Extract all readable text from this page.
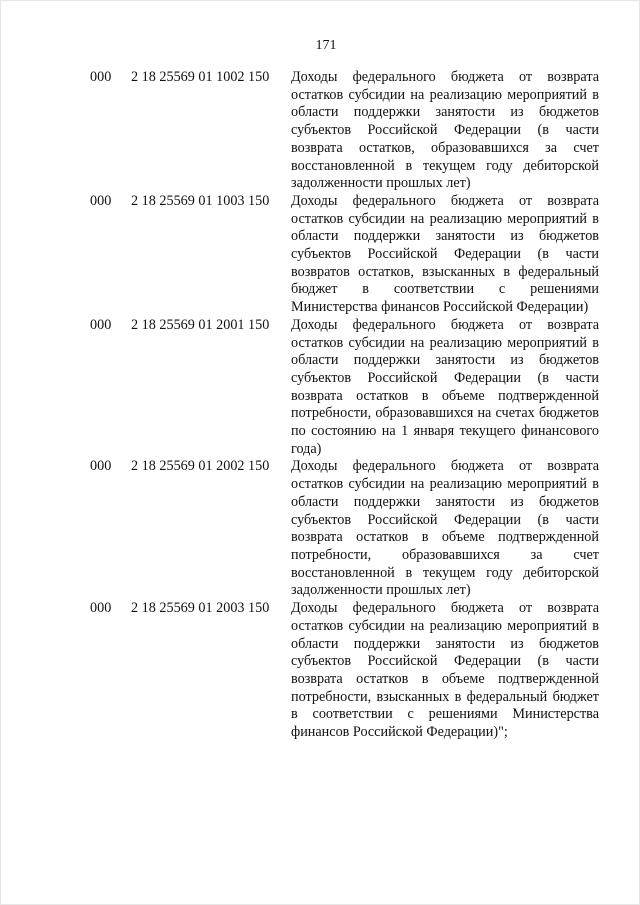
171
000 2 18 25569 01 1002 150 Доходы федерального бюджета от возврата остатков субсидии на реализацию мероприятий в области поддержки занятости из бюджетов субъектов Российской Федерации (в части возврата остатков, образовавшихся за счет восстановленной в текущем году дебиторской задолженности прошлых лет)
000 2 18 25569 01 1003 150 Доходы федерального бюджета от возврата остатков субсидии на реализацию мероприятий в области поддержки занятости из бюджетов субъектов Российской Федерации (в части возвратов остатков, взысканных в федеральный бюджет в соответствии с решениями Министерства финансов Российской Федерации)
000 2 18 25569 01 2001 150 Доходы федерального бюджета от возврата остатков субсидии на реализацию мероприятий в области поддержки занятости из бюджетов субъектов Российской Федерации (в части возврата остатков в объеме подтвержденной потребности, образовавшихся на счетах бюджетов по состоянию на 1 января текущего финансового года)
000 2 18 25569 01 2002 150 Доходы федерального бюджета от возврата остатков субсидии на реализацию мероприятий в области поддержки занятости из бюджетов субъектов Российской Федерации (в части возврата остатков в объеме подтвержденной потребности, образовавшихся за счет восстановленной в текущем году дебиторской задолженности прошлых лет)
000 2 18 25569 01 2003 150 Доходы федерального бюджета от возврата остатков субсидии на реализацию мероприятий в области поддержки занятости из бюджетов субъектов Российской Федерации (в части возврата остатков в объеме подтвержденной потребности, взысканных в федеральный бюджет в соответствии с решениями Министерства финансов Российской Федерации)";
